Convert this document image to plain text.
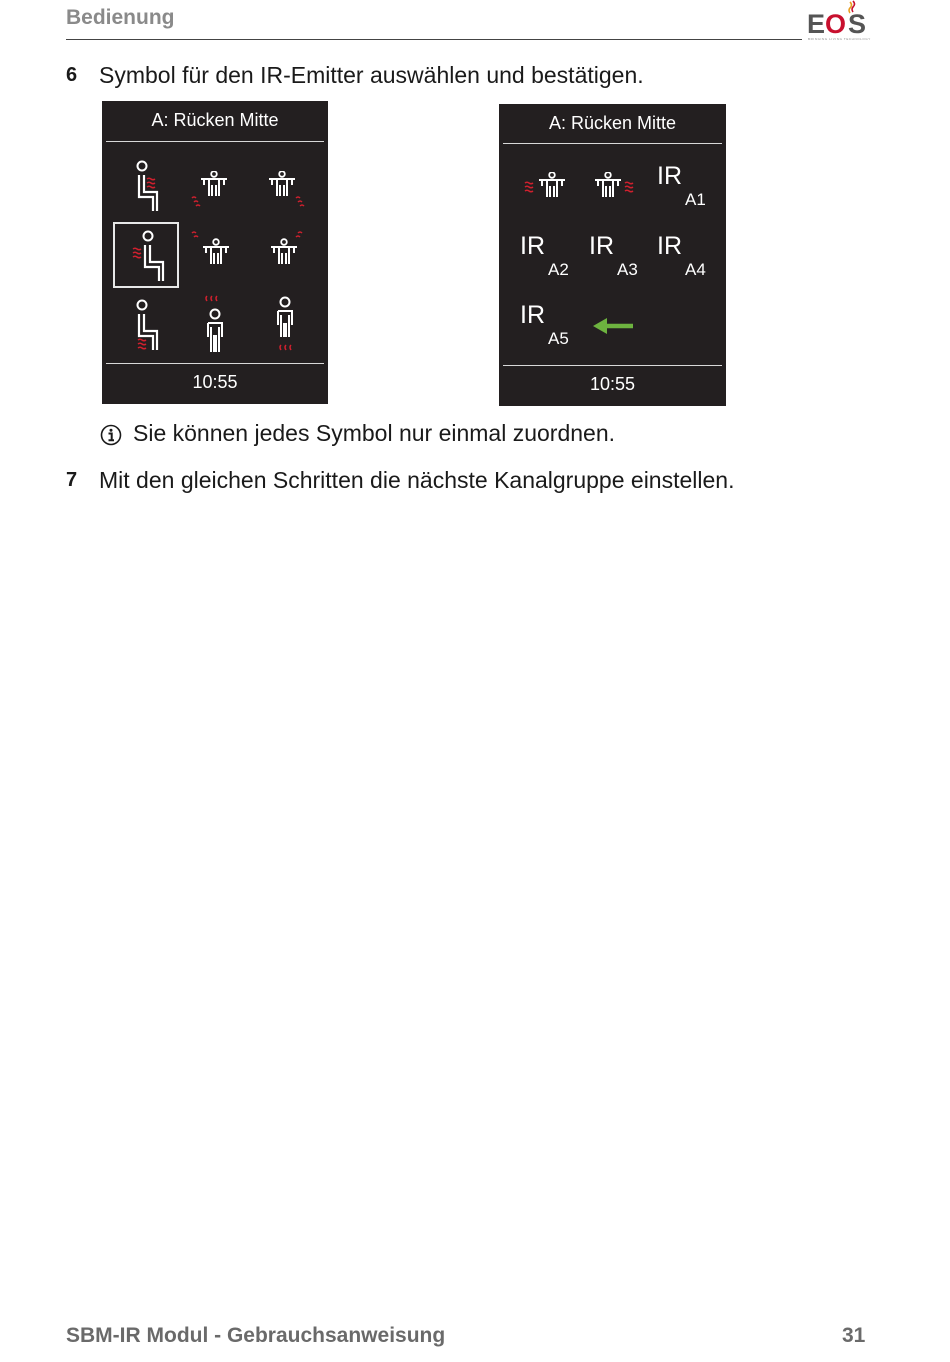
Bedienung	E O S
BRINGING LIVING TECHNOLOGY
6 Symbol für den IR-Emitter auswählen und bestätigen.
A: Rücken Mitte
10:55
A: Rücken Mitte
IR
A1
IR
A2
IR
A3
IR
A4
IR
A5
10:55
Sie können jedes Symbol nur einmal zuordnen.
7 Mit den gleichen Schritten die nächste Kanalgruppe einstellen.
SBM-IR Modul - Gebrauchsanweisung	31
